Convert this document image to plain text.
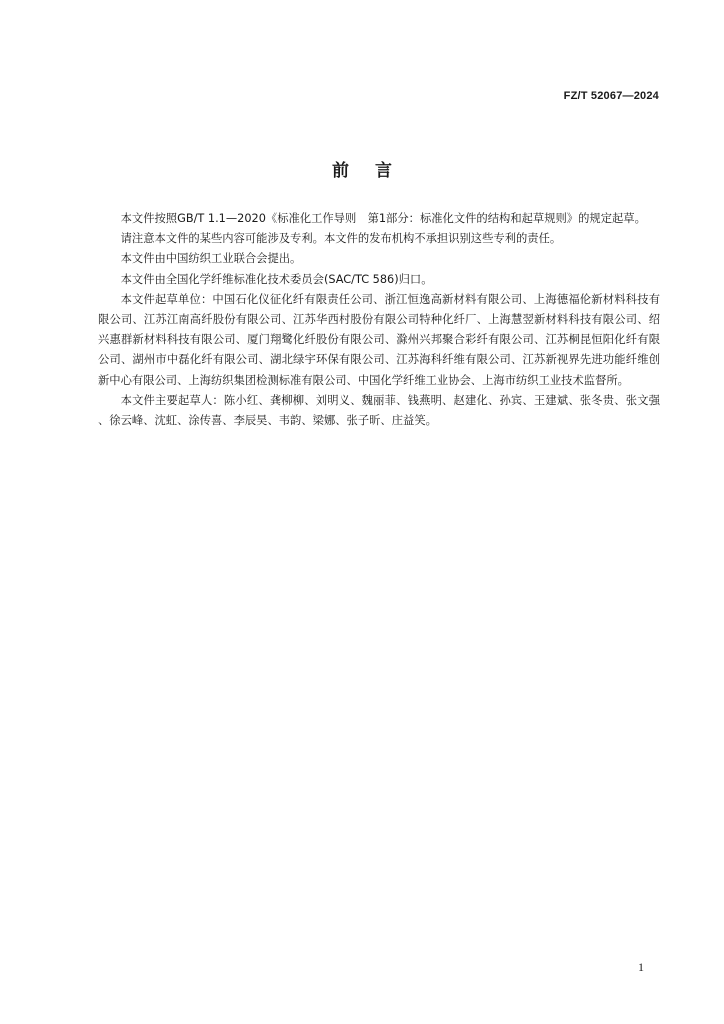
FZ/T 52067—2024
前言

本文件按照GB/T 1.1—2020《标准化工作导则　第1部分：标准化文件的结构和起草规则》的规定起草。

请注意本文件的某些内容可能涉及专利。本文件的发布机构不承担识别这些专利的责任。

本文件由中国纺织工业联合会提出。

本文件由全国化学纤维标准化技术委员会(SAC/TC 586)归口。

本文件起草单位：中国石化仪征化纤有限责任公司、浙江恒逸高新材料有限公司、上海德福伦新材料科技有限公司、江苏江南高纤股份有限公司、江苏华西村股份有限公司特种化纤厂、上海慧翌新材料科技有限公司、绍兴惠群新材料科技有限公司、厦门翔鹭化纤股份有限公司、滁州兴邦聚合彩纤有限公司、江苏桐昆恒阳化纤有限公司、湖州市中磊化纤有限公司、湖北绿宇环保有限公司、江苏海科纤维有限公司、江苏新视界先进功能纤维创新中心有限公司、上海纺织集团检测标准有限公司、中国化学纤维工业协会、上海市纺织工业技术监督所。

本文件主要起草人：陈小红、龚柳柳、刘明义、魏丽菲、钱燕明、赵建化、孙宾、王建斌、张冬贵、张文强、徐云峰、沈虹、涂传喜、李辰昊、韦韵、梁娜、张子昕、庄益笑。

1
